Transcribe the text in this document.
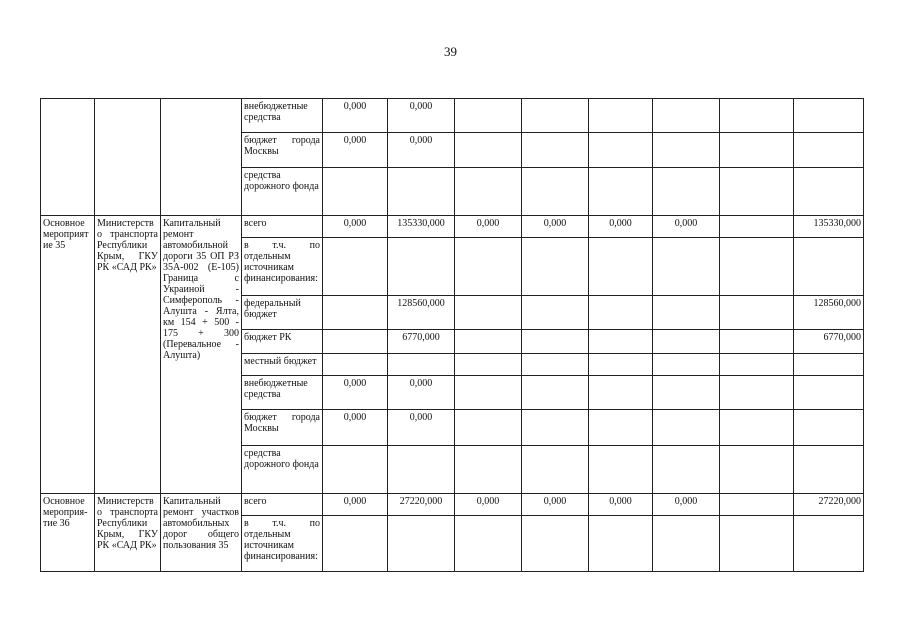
39
			внебюджетные средства	0,000	0,000						
			бюджет города Москвы	0,000	0,000						
			средства дорожного фонда								
Основное мероприятие 35	Министерство транспорта Республики Крым, ГКУ РК «САД РК»	Капитальный ремонт автомобильной дороги 35 ОП РЗ 35А-002 (Е-105) Граница с Украиной - Симферополь - Алушта - Ялта, км 154 + 500 - 175 + 300 (Перевальное - Алушта)	всего	0,000	135330,000	0,000	0,000	0,000	0,000		135330,000
			в т.ч. по отдельным источникам финансирования:								
			федеральный бюджет		128560,000						128560,000
			бюджет РК		6770,000						6770,000
			местный бюджет								
			внебюджетные средства	0,000	0,000						
			бюджет города Москвы	0,000	0,000						
			средства дорожного фонда								
Основное мероприя- тие 36	Министерство транспорта Республики Крым, ГКУ РК «САД РК»	Капитальный ремонт участков автомобильных дорог общего пользования 35	всего	0,000	27220,000	0,000	0,000	0,000	0,000		27220,000
			в т.ч. по отдельным источникам финансирования:								
